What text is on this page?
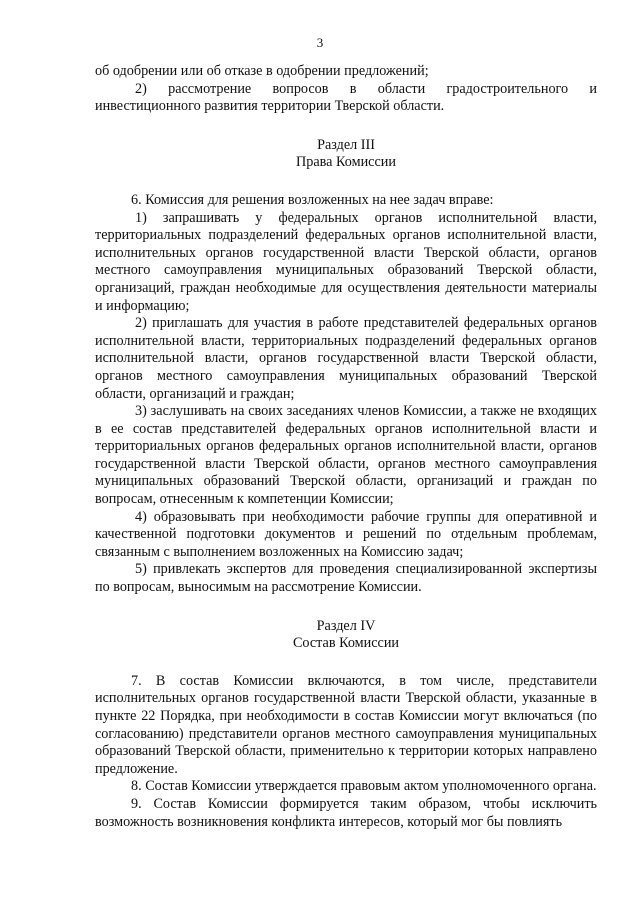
3

об одобрении или об отказе в одобрении предложений;

2) рассмотрение вопросов в области градостроительного и инвестиционного развития территории Тверской области.

Раздел III
Права Комиссии

6. Комиссия для решения возложенных на нее задач вправе:

1) запрашивать у федеральных органов исполнительной власти, территориальных подразделений федеральных органов исполнительной власти, исполнительных органов государственной власти Тверской области, органов местного самоуправления муниципальных образований Тверской области, организаций, граждан необходимые для осуществления деятельности материалы и информацию;

2) приглашать для участия в работе представителей федеральных органов исполнительной власти, территориальных подразделений федеральных органов исполнительной власти, органов государственной власти Тверской области, органов местного самоуправления муниципальных образований Тверской области, организаций и граждан;

3) заслушивать на своих заседаниях членов Комиссии, а также не входящих в ее состав представителей федеральных органов исполнительной власти и территориальных органов федеральных органов исполнительной власти, органов государственной власти Тверской области, органов местного самоуправления муниципальных образований Тверской области, организаций и граждан по вопросам, отнесенным к компетенции Комиссии;

4) образовывать при необходимости рабочие группы для оперативной и качественной подготовки документов и решений по отдельным проблемам, связанным с выполнением возложенных на Комиссию задач;

5) привлекать экспертов для проведения специализированной экспертизы по вопросам, выносимым на рассмотрение Комиссии.

Раздел IV
Состав Комиссии

7. В состав Комиссии включаются, в том числе, представители исполнительных органов государственной власти Тверской области, указанные в пункте 22 Порядка, при необходимости в состав Комиссии могут включаться (по согласованию) представители органов местного самоуправления муниципальных образований Тверской области, применительно к территории которых направлено предложение.

8. Состав Комиссии утверждается правовым актом уполномоченного органа.

9. Состав Комиссии формируется таким образом, чтобы исключить возможность возникновения конфликта интересов, который мог бы повлиять
